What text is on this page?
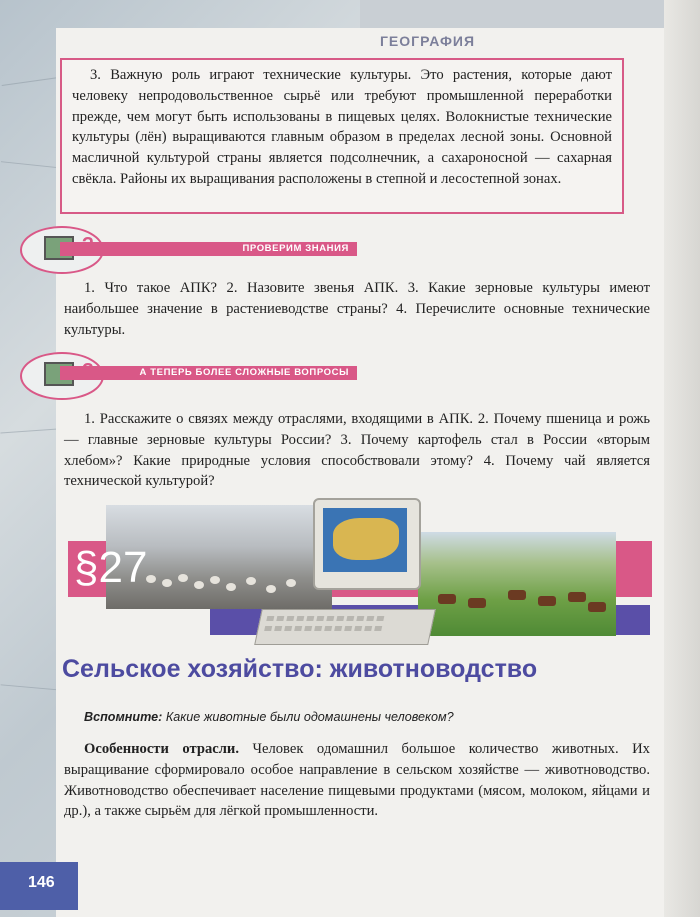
ГЕОГРАФИЯ

3. Важную роль играют технические культуры. Это растения, которые дают человеку непродовольственное сырьё или требуют промышленной переработки прежде, чем могут быть использованы в пищевых целях. Волокнистые технические культуры (лён) выращиваются главным образом в пределах лесной зоны. Основной масличной культурой страны является подсолнечник, а сахароносной — сахарная свёкла. Районы их выращивания расположены в степной и лесостепной зонах.

ПРОВЕРИМ ЗНАНИЯ

1. Что такое АПК? 2. Назовите звенья АПК. 3. Какие зерновые культуры имеют наибольшее значение в растениеводстве страны? 4. Перечислите основные технические культуры.

А ТЕПЕРЬ БОЛЕЕ СЛОЖНЫЕ ВОПРОСЫ

1. Расскажите о связях между отраслями, входящими в АПК. 2. Почему пшеница и рожь — главные зерновые культуры России? 3. Почему картофель стал в России «вторым хлебом»? Какие природные условия способствовали этому? 4. Почему чай является технической культурой?

§27
Сельское хозяйство: животноводство

Вспомните: Какие животные были одомашнены человеком?

Особенности отрасли. Человек одомашнил большое количество животных. Их выращивание сформировало особое направление в сельском хозяйстве — животноводство. Животноводство обеспечивает население пищевыми продуктами (мясом, молоком, яйцами и др.), а также сырьём для лёгкой промышленности.

146
